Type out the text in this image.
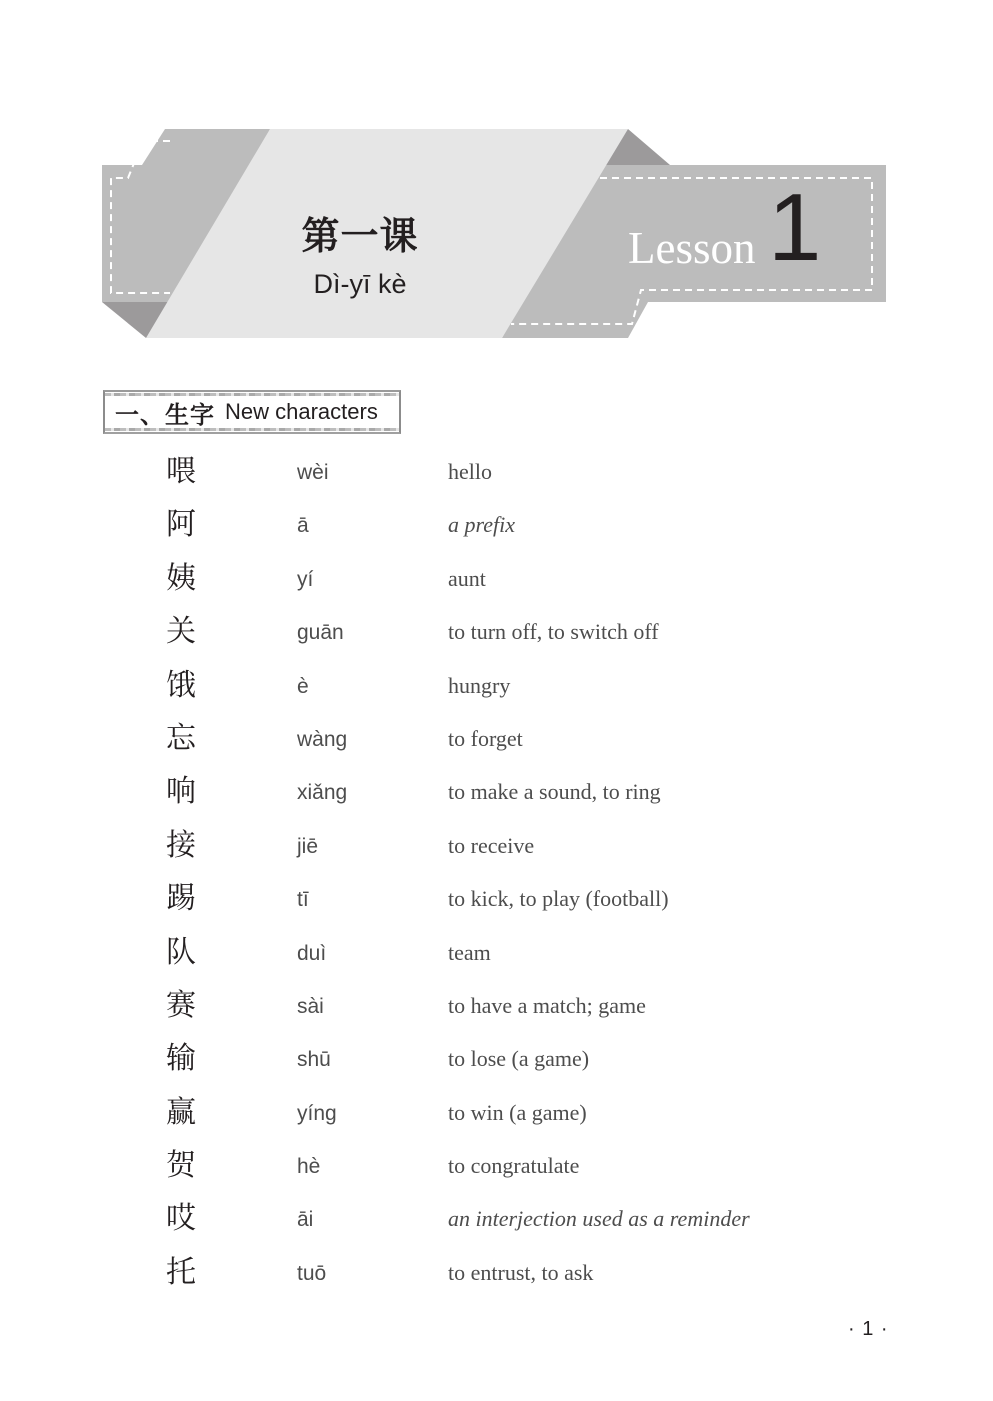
第一课
Dì-yī kè
Lesson 1
一、生字 New characters
喂	wèi	hello
阿	ā	a prefix
姨	yí	aunt
关	guān	to turn off, to switch off
饿	è	hungry
忘	wàng	to forget
响	xiǎng	to make a sound, to ring
接	jiē	to receive
踢	tī	to kick, to play (football)
队	duì	team
赛	sài	to have a match; game
输	shū	to lose (a game)
赢	yíng	to win (a game)
贺	hè	to congratulate
哎	āi	an interjection used as a reminder
托	tuō	to entrust, to ask
· 1 ·
